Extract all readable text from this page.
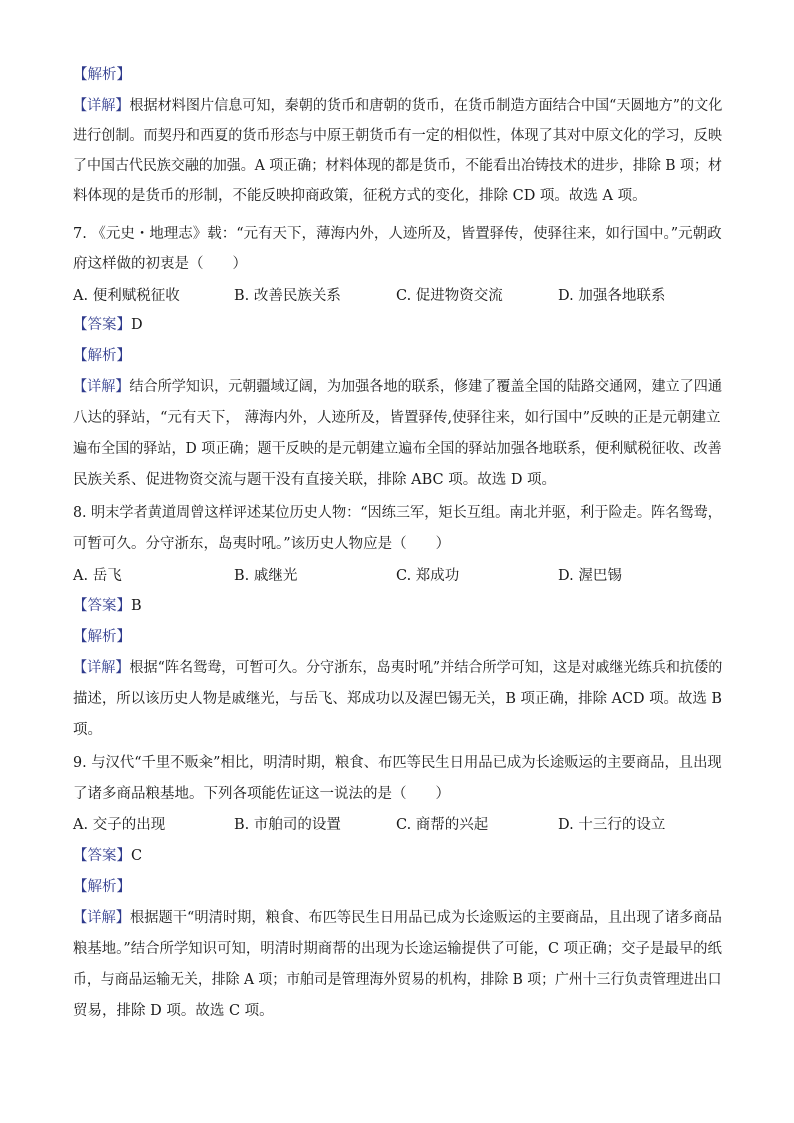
【解析】
【详解】根据材料图片信息可知，秦朝的货币和唐朝的货币，在货币制造方面结合中国“天圆地方”的文化
进行创制。而契丹和西夏的货币形态与中原王朝货币有一定的相似性，体现了其对中原文化的学习，反映
了中国古代民族交融的加强。A 项正确；材料体现的都是货币，不能看出冶铸技术的进步，排除 B 项；材
料体现的是货币的形制，不能反映抑商政策，征税方式的变化，排除 CD 项。故选 A 项。
7. 《元史・地理志》载：“元有天下，薄海内外，人迹所及，皆置驿传，使驿往来，如行国中。”元朝政
府这样做的初衷是（　　）
A. 便利赋税征收	B. 改善民族关系	C. 促进物资交流	D. 加强各地联系
【答案】D
【解析】
【详解】结合所学知识，元朝疆域辽阔，为加强各地的联系，修建了覆盖全国的陆路交通网，建立了四通
八达的驿站，“元有天下， 薄海内外，人迹所及，皆置驿传,使驿往来，如行国中”反映的正是元朝建立
遍布全国的驿站，D 项正确；题干反映的是元朝建立遍布全国的驿站加强各地联系，便利赋税征收、改善
民族关系、促进物资交流与题干没有直接关联，排除 ABC 项。故选 D 项。
8. 明末学者黄道周曾这样评述某位历史人物：“因练三军，矩长互组。南北并驱，利于险走。阵名鸳鸯，
可暂可久。分守浙东，岛夷时吼。”该历史人物应是（　　）
A. 岳飞	B. 戚继光	C. 郑成功	D. 渥巴锡
【答案】B
【解析】
【详解】根据“阵名鸳鸯，可暂可久。分守浙东，岛夷时吼”并结合所学可知，这是对戚继光练兵和抗倭的
描述，所以该历史人物是戚继光，与岳飞、郑成功以及渥巴锡无关，B 项正确，排除 ACD 项。故选 B
项。
9. 与汉代“千里不贩籴”相比，明清时期，粮食、布匹等民生日用品已成为长途贩运的主要商品，且出现
了诸多商品粮基地。下列各项能佐证这一说法的是（　　）
A. 交子的出现	B. 市舶司的设置	C. 商帮的兴起	D. 十三行的设立
【答案】C
【解析】
【详解】根据题干“明清时期，粮食、布匹等民生日用品已成为长途贩运的主要商品，且出现了诸多商品
粮基地。”结合所学知识可知，明清时期商帮的出现为长途运输提供了可能，C 项正确；交子是最早的纸
币，与商品运输无关，排除 A 项；市舶司是管理海外贸易的机构，排除 B 项；广州十三行负责管理进出口
贸易，排除 D 项。故选 C 项。
